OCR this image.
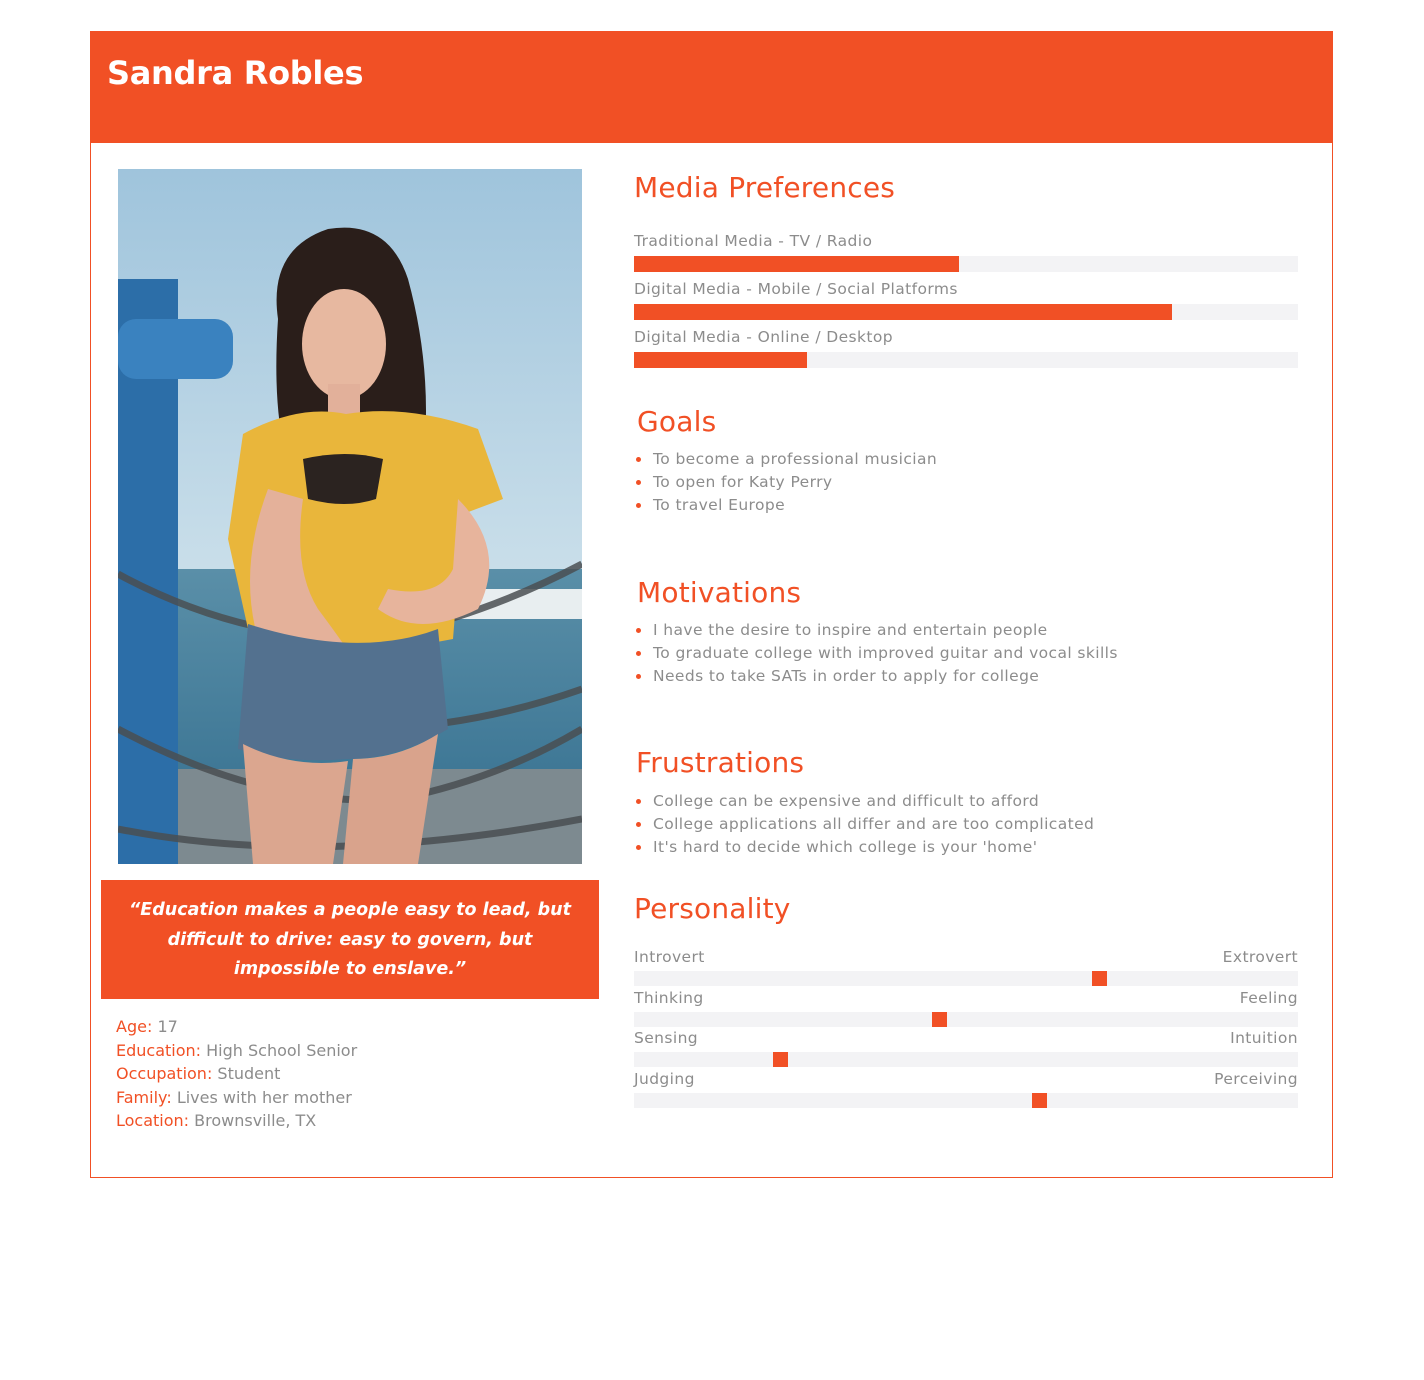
Sandra Robles
“Education makes a people easy to lead, but difficult to drive: easy to govern, but impossible to enslave.”
Age: 17
Education: High School Senior
Occupation: Student
Family: Lives with her mother
Location: Brownsville, TX
Media Preferences
Traditional Media - TV / Radio
Digital Media - Mobile / Social Platforms
Digital Media - Online / Desktop
Goals
To become a professional musician
To open for Katy Perry
To travel Europe
Motivations
I have the desire to inspire and entertain people
To graduate college with improved guitar and vocal skills
Needs to take SATs in order to apply for college
Frustrations
College can be expensive and difficult to afford
College applications all differ and are too complicated
It's hard to decide which college is your 'home'
Personality
Introvert	Extrovert
Thinking	Feeling
Sensing	Intuition
Judging	Perceiving
